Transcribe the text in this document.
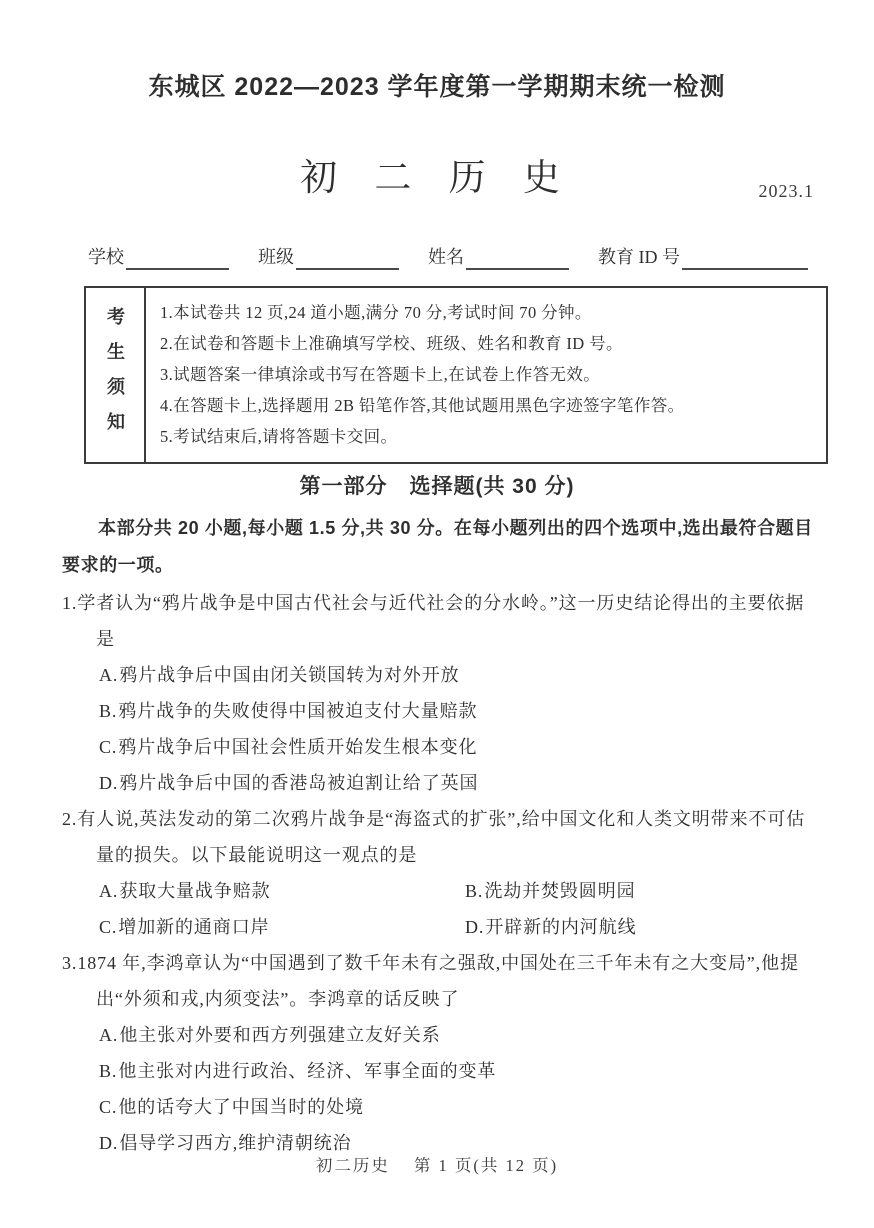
东城区 2022—2023 学年度第一学期期末统一检测
初 二 历 史	2023.1
学校	班级	姓名	教育 ID 号
考生须知 1.本试卷共 12 页,24 道小题,满分 70 分,考试时间 70 分钟。

2.在试卷和答题卡上准确填写学校、班级、姓名和教育 ID 号。

3.试题答案一律填涂或书写在答题卡上,在试卷上作答无效。

4.在答题卡上,选择题用 2B 铅笔作答,其他试题用黑色字迹签字笔作答。

5.考试结束后,请将答题卡交回。

第一部分　选择题(共 30 分)
本部分共 20 小题,每小题 1.5 分,共 30 分。在每小题列出的四个选项中,选出最符合题目要求的一项。

1.学者认为“鸦片战争是中国古代社会与近代社会的分水岭。”这一历史结论得出的主要依据是

A.鸦片战争后中国由闭关锁国转为对外开放

B.鸦片战争的失败使得中国被迫支付大量赔款

C.鸦片战争后中国社会性质开始发生根本变化

D.鸦片战争后中国的香港岛被迫割让给了英国

2.有人说,英法发动的第二次鸦片战争是“海盗式的扩张”,给中国文化和人类文明带来不可估量的损失。以下最能说明这一观点的是

A.获取大量战争赔款	B.洗劫并焚毁圆明园
C.增加新的通商口岸	D.开辟新的内河航线

3.1874 年,李鸿章认为“中国遇到了数千年未有之强敌,中国处在三千年未有之大变局”,他提出“外须和戎,内须变法”。李鸿章的话反映了

A.他主张对外要和西方列强建立友好关系

B.他主张对内进行政治、经济、军事全面的变革

C.他的话夸大了中国当时的处境

D.倡导学习西方,维护清朝统治

初二历史 第 1 页(共 12 页)
